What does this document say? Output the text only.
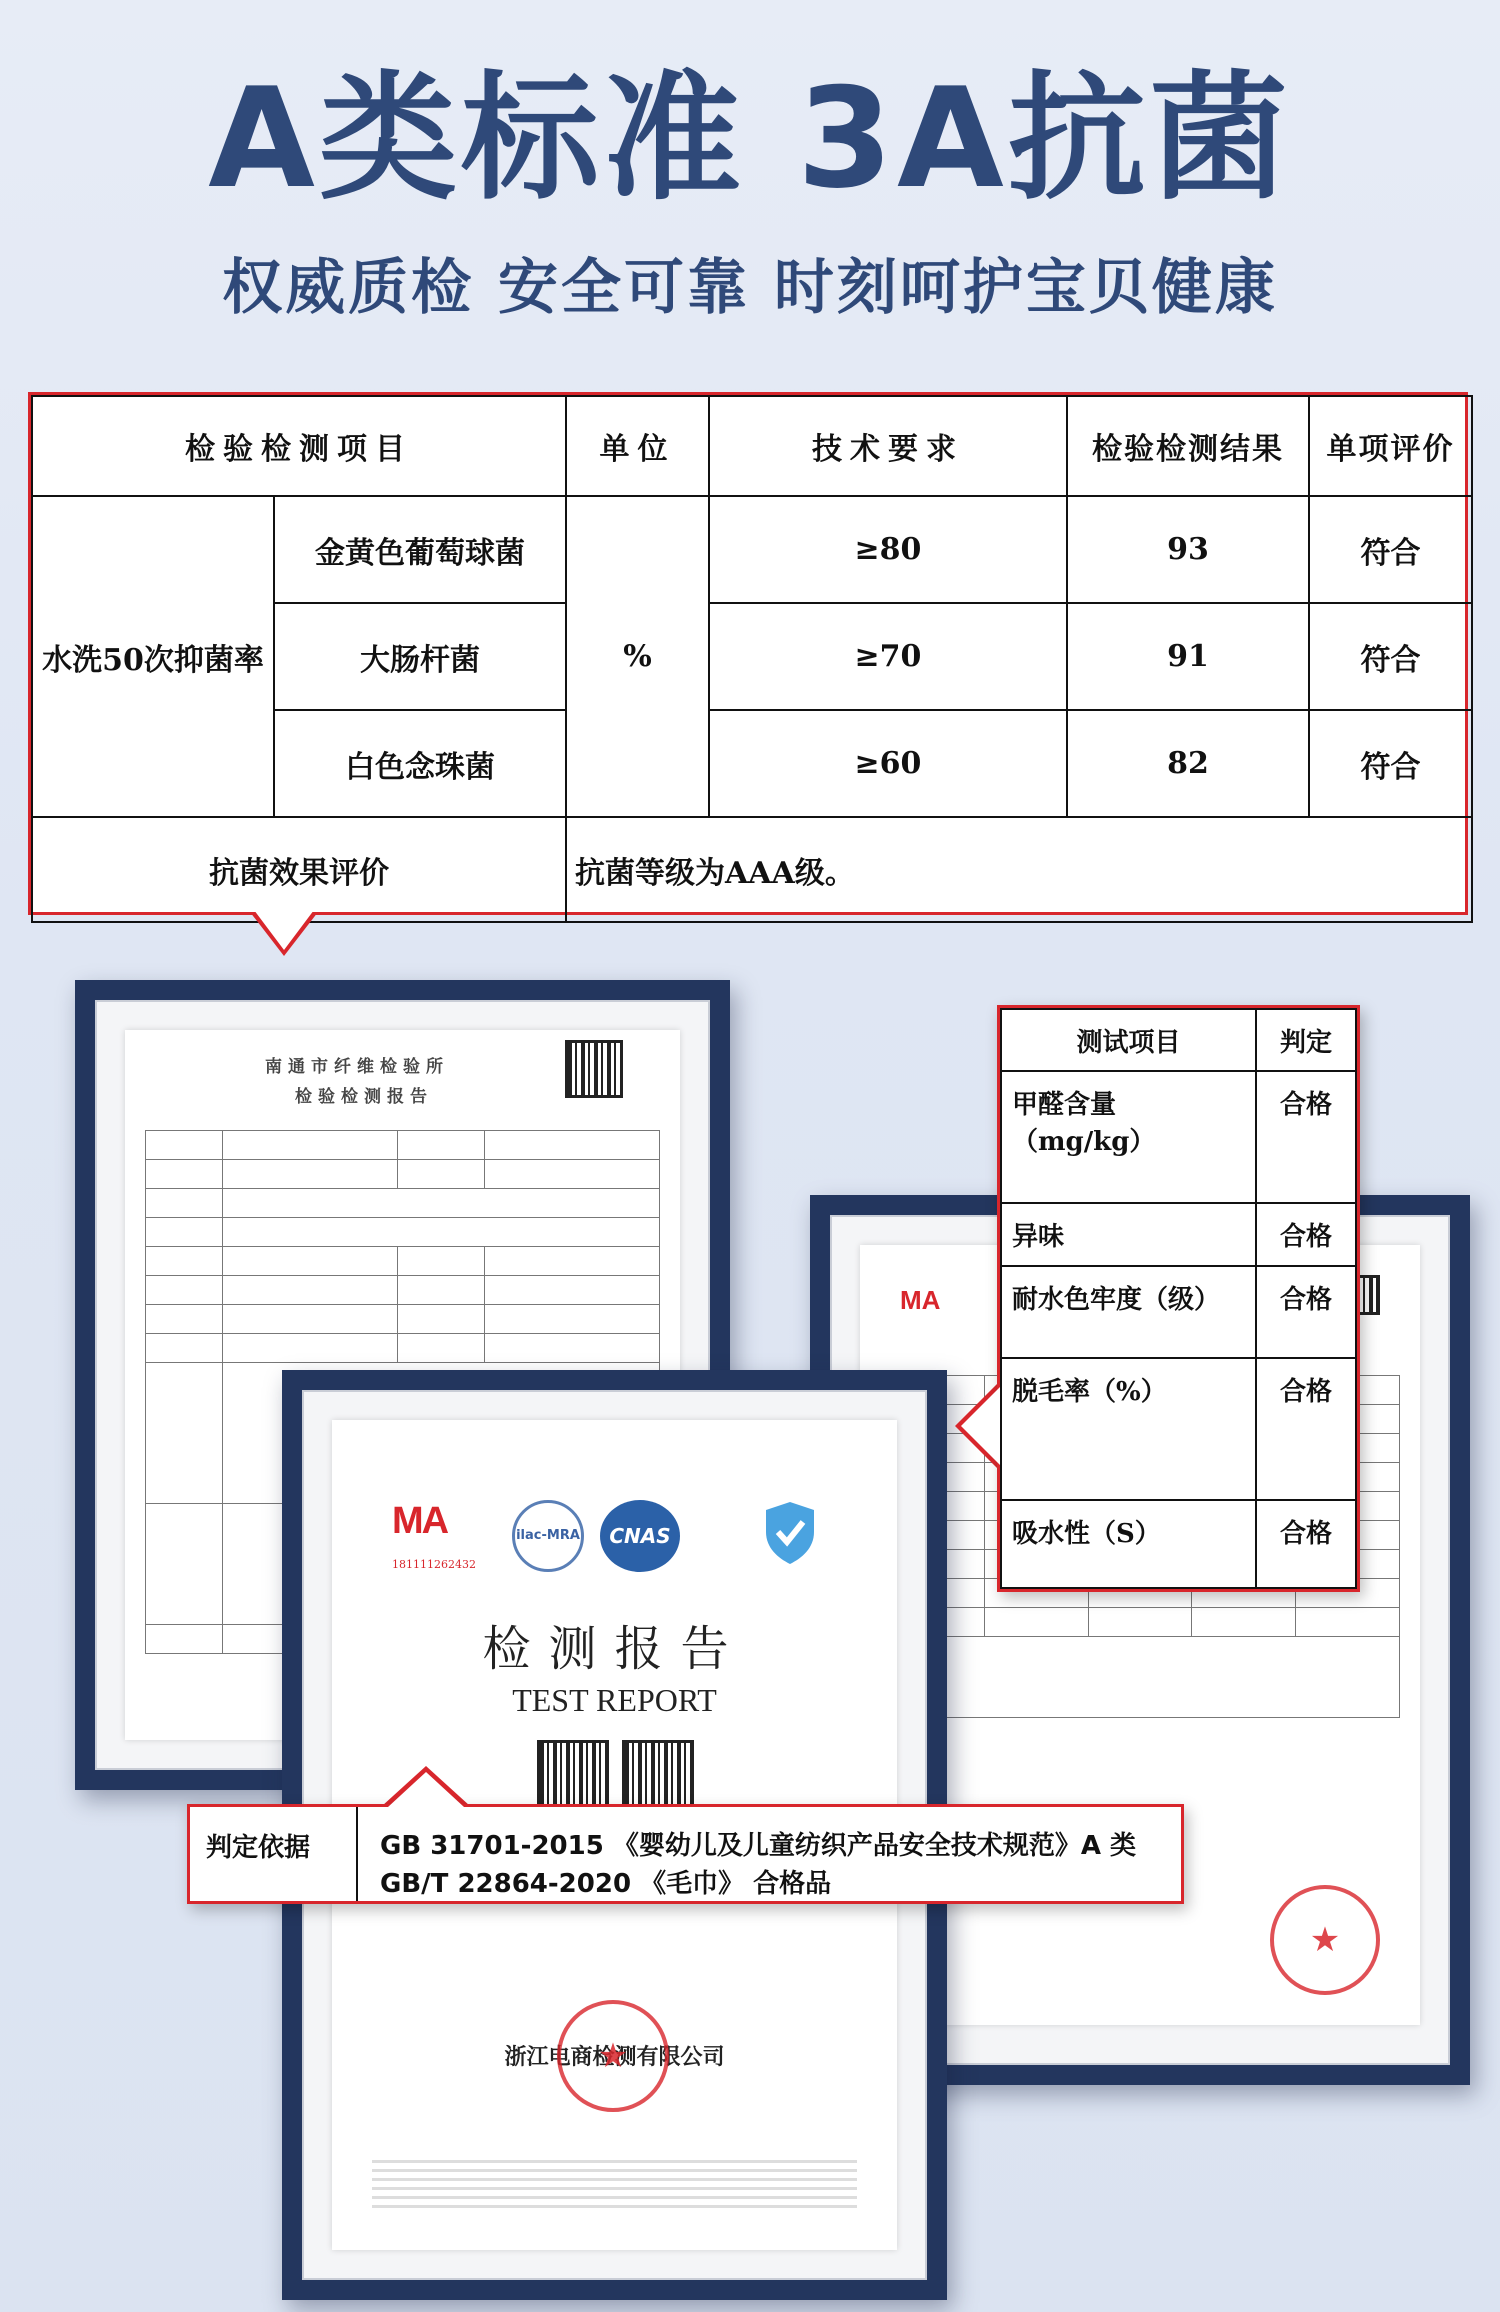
A类标准 3A抗菌
权威质检 安全可靠 时刻呵护宝贝健康
检验检测项目		单位	技术要求	检验检测结果	单项评价
水洗50次抑菌率	金黄色葡萄球菌	%	≥80	93	符合
	大肠杆菌		≥70	91	符合
	白色念珠菌		≥60	82	符合
抗菌效果评价		抗菌等级为AAA级。			
南通市纤维检验所
检验检测报告

MA

★
MA
181111262432
ilac-MRA	CNAS
检测报告
TEST REPORT
浙江电商检测有限公司
★
测试项目	判定
甲醛含量（mg/kg）	合格
异味	合格
耐水色牢度（级）	合格
脱毛率（%）	合格
吸水性（S）	合格
判定依据	GB 31701-2015 《婴幼儿及儿童纺织产品安全技术规范》A 类
GB/T 22864-2020 《毛巾》 合格品
